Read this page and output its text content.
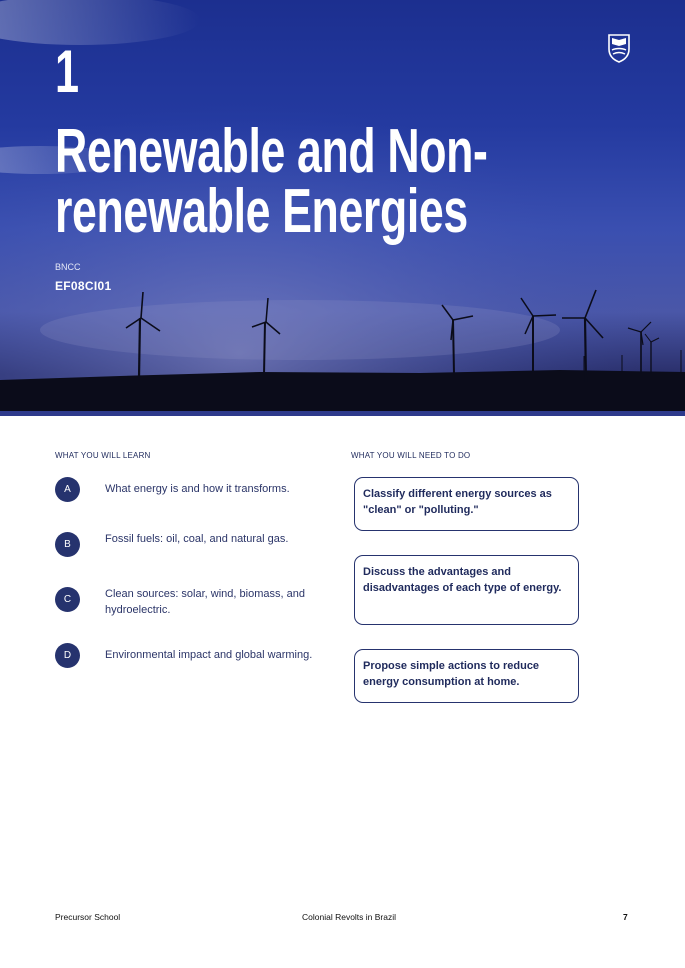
1
Renewable and Non-
renewable Energies
BNCC
EF08CI01
WHAT YOU WILL LEARN	WHAT YOU WILL NEED TO DO
A	What energy is and how it transforms.
B	Fossil fuels: oil, coal, and natural gas.
C	Clean sources: solar, wind, biomass, and hydroelectric.
D	Environmental impact and global warming.
Classify different energy sources as "clean" or "polluting."
Discuss the advantages and disadvantages of each type of energy.
Propose simple actions to reduce energy consumption at home.
Precursor School	Colonial Revolts in Brazil	7
